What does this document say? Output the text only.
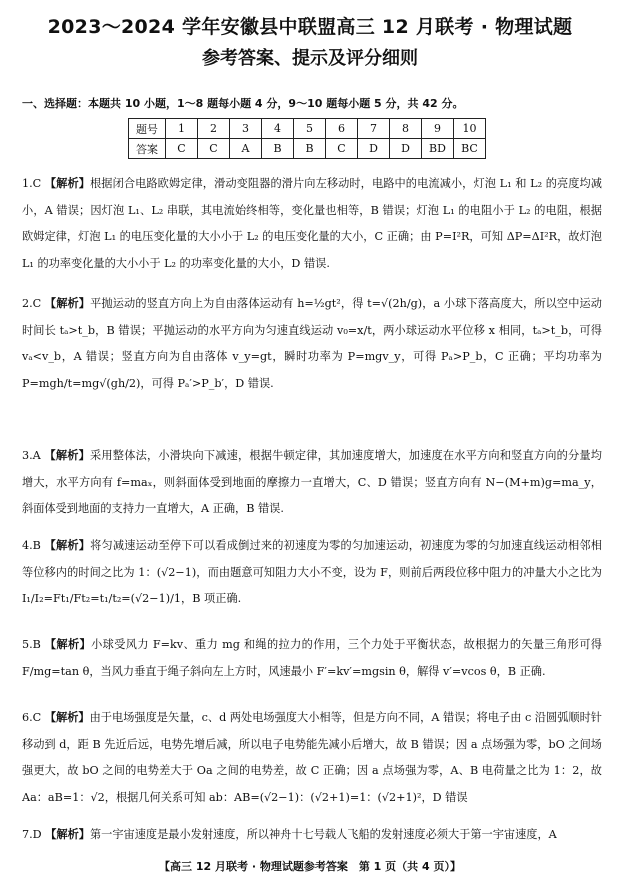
2023～2024 学年安徽县中联盟高三 12 月联考 · 物理试题
参考答案、提示及评分细则
一、选择题：本题共 10 小题，1～8 题每小题 4 分，9～10 题每小题 5 分，共 42 分。
题号	1	2	3	4	5	6	7	8	9	10
答案	C	C	A	B	B	C	D	D	BD	BC
1.C 【解析】根据闭合电路欧姆定律，滑动变阻器的滑片向左移动时，电路中的电流减小，灯泡 L₁ 和 L₂ 的亮度均减小，A 错误；因灯泡 L₁、L₂ 串联，其电流始终相等，变化量也相等，B 错误；灯泡 L₁ 的电阻小于 L₂ 的电阻，根据欧姆定律，灯泡 L₁ 的电压变化量的大小小于 L₂ 的电压变化量的大小，C 正确；由 P=I²R，可知 ΔP=ΔI²R，故灯泡 L₁ 的功率变化量的大小小于 L₂ 的功率变化量的大小，D 错误.
2.C 【解析】平抛运动的竖直方向上为自由落体运动有 h=½gt²，得 t=√(2h/g)，a 小球下落高度大，所以空中运动时间长 tₐ>t_b，B 错误；平抛运动的水平方向为匀速直线运动 v₀=x/t，两小球运动水平位移 x 相同，tₐ>t_b，可得 vₐ<v_b，A 错误；竖直方向为自由落体 v_y=gt，瞬时功率为 P=mgv_y，可得 Pₐ>P_b，C 正确；平均功率为 P=mgh/t=mg√(gh/2)，可得 Pₐ′>P_b′，D 错误.
3.A 【解析】采用整体法，小滑块向下减速，根据牛顿定律，其加速度增大，加速度在水平方向和竖直方向的分量均增大，水平方向有 f=maₓ，则斜面体受到地面的摩擦力一直增大，C、D 错误；竖直方向有 N−(M+m)g=ma_y，斜面体受到地面的支持力一直增大，A 正确，B 错误.
4.B 【解析】将匀减速运动至停下可以看成倒过来的初速度为零的匀加速运动，初速度为零的匀加速直线运动相邻相等位移内的时间之比为 1：(√2−1)，而由题意可知阻力大小不变，设为 F，则前后两段位移中阻力的冲量大小之比为 I₁/I₂=Ft₁/Ft₂=t₁/t₂=(√2−1)/1，B 项正确.
5.B 【解析】小球受风力 F=kv、重力 mg 和绳的拉力的作用，三个力处于平衡状态，故根据力的矢量三角形可得 F/mg=tan θ，当风力垂直于绳子斜向左上方时，风速最小 F′=kv′=mgsin θ，解得 v′=vcos θ，B 正确.
6.C 【解析】由于电场强度是矢量，c、d 两处电场强度大小相等，但是方向不同，A 错误；将电子由 c 沿圆弧顺时针移动到 d，距 B 先近后远，电势先增后减，所以电子电势能先减小后增大，故 B 错误；因 a 点场强为零，bO 之间场强更大，故 bO 之间的电势差大于 Oa 之间的电势差，故 C 正确；因 a 点场强为零，A、B 电荷量之比为 1：2，故 Aa：aB=1：√2，根据几何关系可知 ab：AB=(√2−1)：(√2+1)=1：(√2+1)²，D 错误
7.D 【解析】第一宇宙速度是最小发射速度，所以神舟十七号载人飞船的发射速度必须大于第一宇宙速度，A
【高三 12 月联考 · 物理试题参考答案　第 1 页（共 4 页）】
